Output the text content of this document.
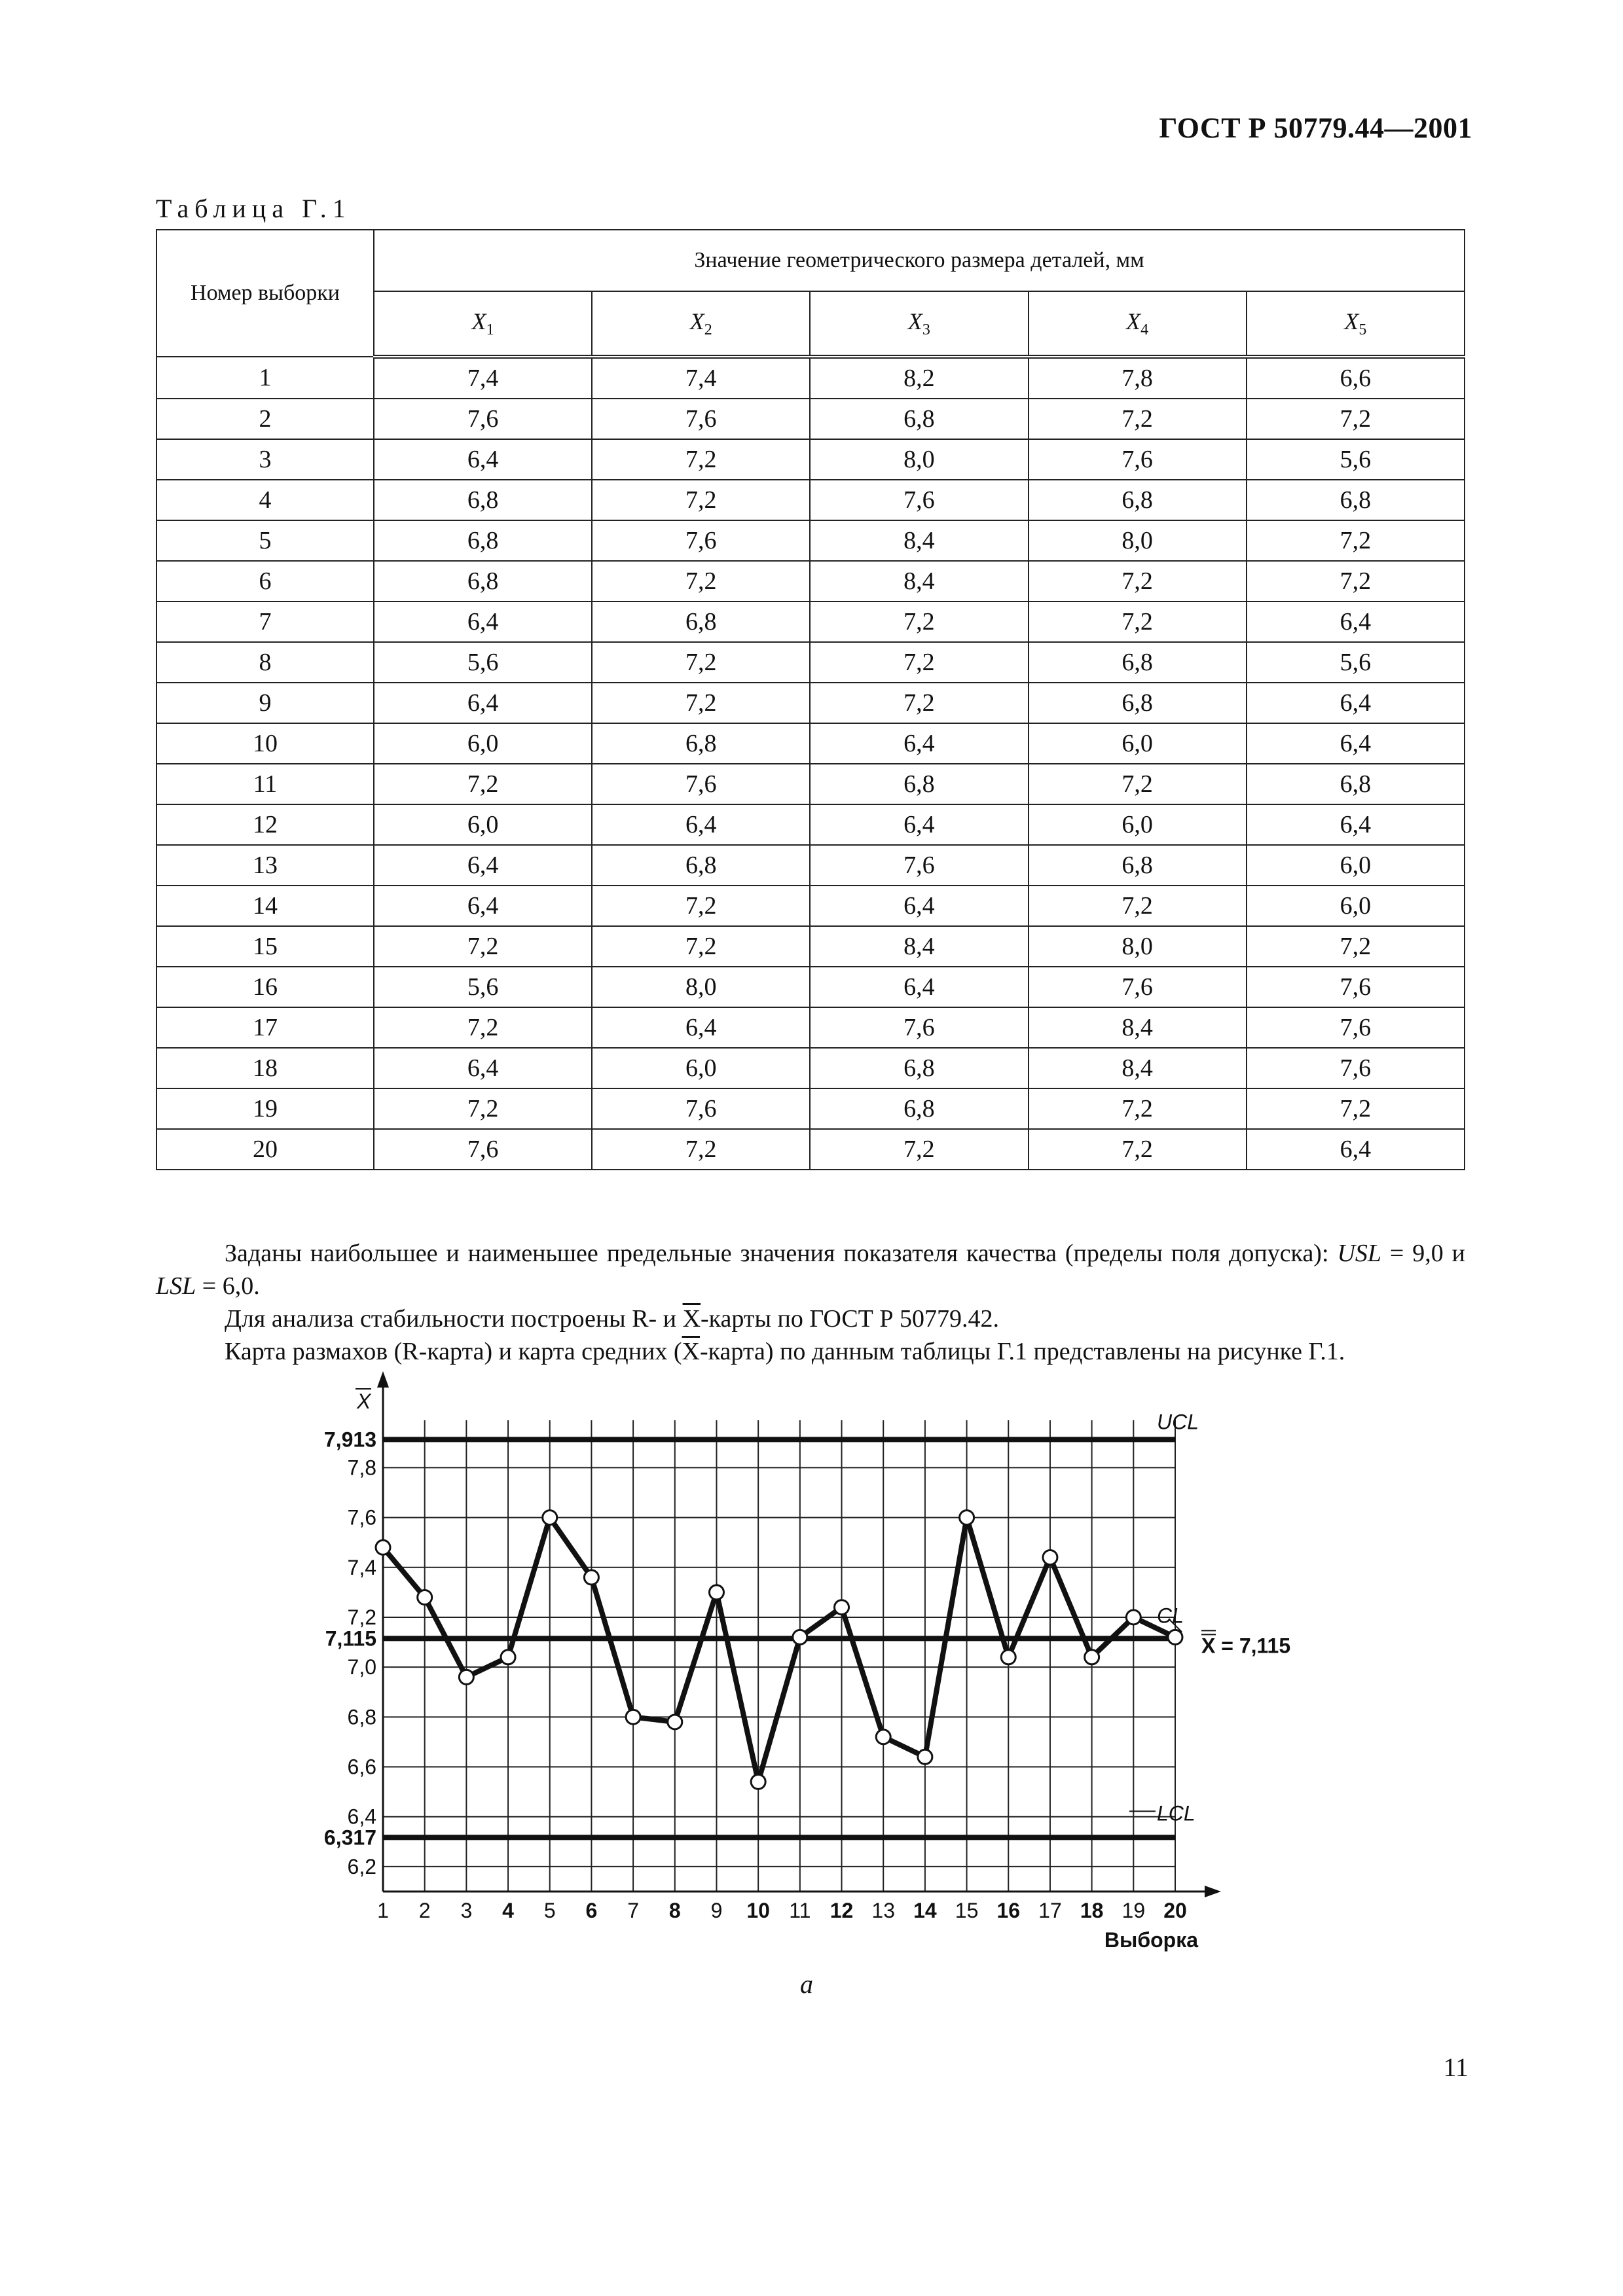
ГОСТ Р 50779.44—2001
Таблица Г.1
Номер выборки	Значение геометрического размера деталей, мм				
	$X_1$	$X_2$	$X_3$	$X_4$	$X_5$
1	7,4	7,4	8,2	7,8	6,6
2	7,6	7,6	6,8	7,2	7,2
3	6,4	7,2	8,0	7,6	5,6
4	6,8	7,2	7,6	6,8	6,8
5	6,8	7,6	8,4	8,0	7,2
6	6,8	7,2	8,4	7,2	7,2
7	6,4	6,8	7,2	7,2	6,4
8	5,6	7,2	7,2	6,8	5,6
9	6,4	7,2	7,2	6,8	6,4
10	6,0	6,8	6,4	6,0	6,4
11	7,2	7,6	6,8	7,2	6,8
12	6,0	6,4	6,4	6,0	6,4
13	6,4	6,8	7,6	6,8	6,0
14	6,4	7,2	6,4	7,2	6,0
15	7,2	7,2	8,4	8,0	7,2
16	5,6	8,0	6,4	7,6	7,6
17	7,2	6,4	7,6	8,4	7,6
18	6,4	6,0	6,8	8,4	7,6
19	7,2	7,6	6,8	7,2	7,2
20	7,6	7,2	7,2	7,2	6,4
Заданы наибольшее и наименьшее предельные значения показателя качества (пределы поля допуска): USL = 9,0 и LSL = 6,0.
Для анализа стабильности построены R- и $\overline{X}$-карты по ГОСТ Р 50779.42.
Карта размахов (R-карта) и карта средних $(\overline{X}-карта)$ по данным таблицы Г.1 представлены на рисунке Г.1.
UCL
CL
LCL
6,2
6,317
6,4
6,6
6,8
7,0
7,115
7,2
7,4
7,6
7,8
7,913
X
1 2 3 4 5 6 7 8 9 10 11 12 13 14 15 16 17 18 19 20
Выборка
X = 7,115
а
11
